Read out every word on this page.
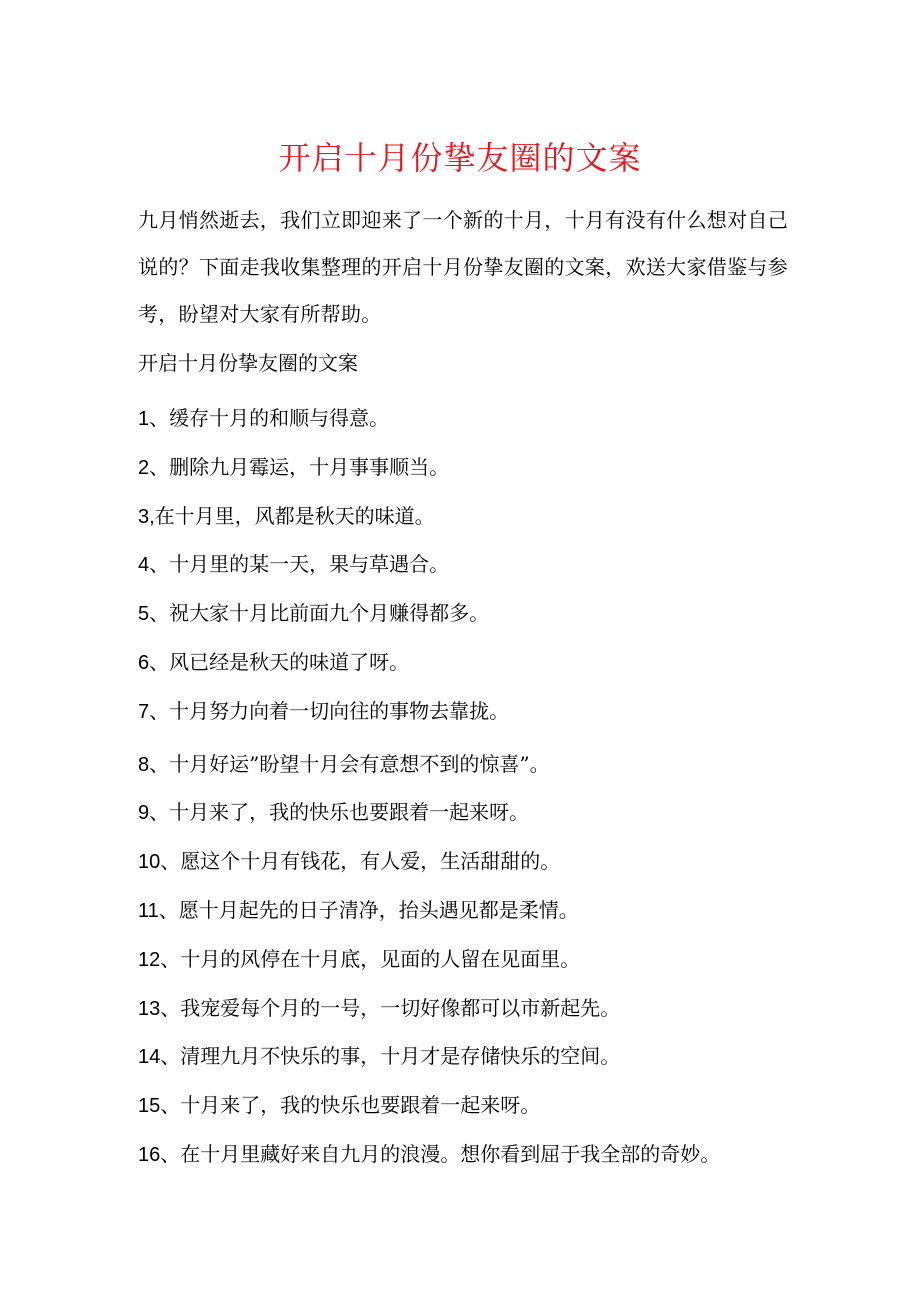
开启十月份挚友圈的文案

九月悄然逝去，我们立即迎来了一个新的十月，十月有没有什么想对自己说的？下面走我收集整理的开启十月份挚友圈的文案，欢送大家借鉴与参考，盼望对大家有所帮助。

开启十月份挚友圈的文案

1、缓存十月的和顺与得意。
2、删除九月霉运，十月事事顺当。
3,在十月里，风都是秋天的味道。
4、十月里的某一天，果与草遇合。
5、祝大家十月比前面九个月赚得都多。
6、风已经是秋天的味道了呀。
7、十月努力向着一切向往的事物去靠拢。
8、十月好运”盼望十月会有意想不到的惊喜”。
9、十月来了，我的快乐也要跟着一起来呀。
10、愿这个十月有钱花，有人爱，生活甜甜的。
11、愿十月起先的日子清净，抬头遇见都是柔情。
12、十月的风停在十月底，见面的人留在见面里。
13、我宠爱每个月的一号，一切好像都可以市新起先。
14、清理九月不快乐的事，十月才是存储快乐的空间。
15、十月来了，我的快乐也要跟着一起来呀。
16、在十月里藏好来自九月的浪漫。想你看到屈于我全部的奇妙。
